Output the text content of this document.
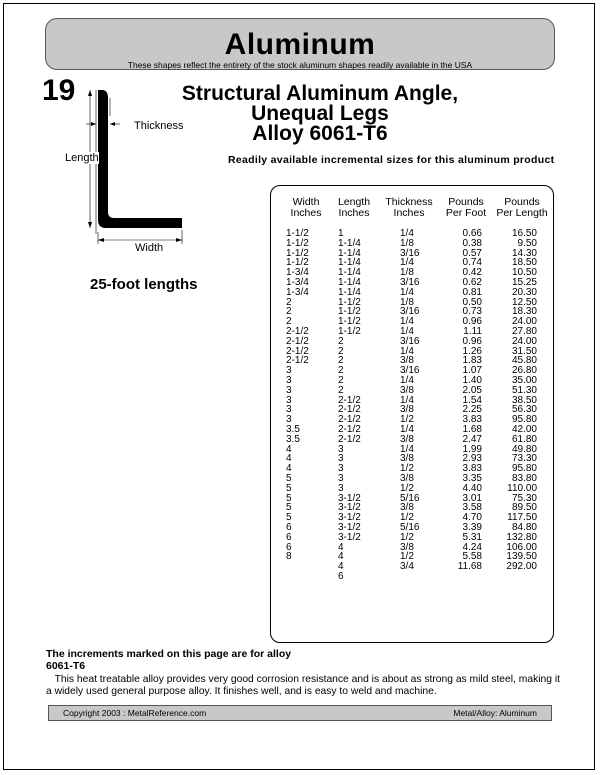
Aluminum
These shapes reflect the entirety of the stock aluminum shapes readily available in the USA
19
Thickness
Length
Width
Structural Aluminum Angle,
Unequal Legs
Alloy 6061-T6
Readily available incremental sizes for this aluminum product
25-foot lengths
Width
Inches
Length
Inches
Thickness
Inches
Pounds
Per Foot
Pounds
Per Length
1-1/2
1-1/2
1-1/2
1-1/2
1-3/4
1-3/4
1-3/4
2
2
2
2-1/2
2-1/2
2-1/2
2-1/2
3
3
3
3
3
3
3.5
3.5
4
4
4
5
5
5
5
5
6
6
6
8
1
1-1/4
1-1/4
1-1/4
1-1/4
1-1/4
1-1/4
1-1/2
1-1/2
1-1/2
1-1/2
2
2
2
2
2
2
2-1/2
2-1/2
2-1/2
2-1/2
2-1/2
3
3
3
3
3
3-1/2
3-1/2
3-1/2
3-1/2
3-1/2
4
4
4
6
1/4
1/8
3/16
1/4
1/8
3/16
1/4
1/8
3/16
1/4
1/4
3/16
1/4
3/8
3/16
1/4
3/8
1/4
3/8
1/2
1/4
3/8
1/4
3/8
1/2
3/8
1/2
5/16
3/8
1/2
5/16
1/2
3/8
1/2
3/4
0.66
0.38
0.57
0.74
0.42
0.62
0.81
0.50
0.73
0.96
1.11
0.96
1.26
1.83
1.07
1.40
2.05
1.54
2.25
3.83
1.68
2.47
1.99
2.93
3.83
3.35
4.40
3.01
3.58
4.70
3.39
5.31
4.24
5.58
11.68
16.50
9.50
14.30
18.50
10.50
15.25
20.30
12.50
18.30
24.00
27.80
24.00
31.50
45.80
26.80
35.00
51.30
38.50
56.30
95.80
42.00
61.80
49.80
73.30
95.80
83.80
110.00
75.30
89.50
117.50
84.80
132.80
106.00
139.50
292.00
The increments marked on this page are for alloy
6061-T6
This heat treatable alloy provides very good corrosion resistance and is about as strong as mild steel, making it a widely used general purpose alloy. It finishes well, and is easy to weld and machine.
Copyright 2003 : MetalReference.com	Metal/Alloy: Aluminum
